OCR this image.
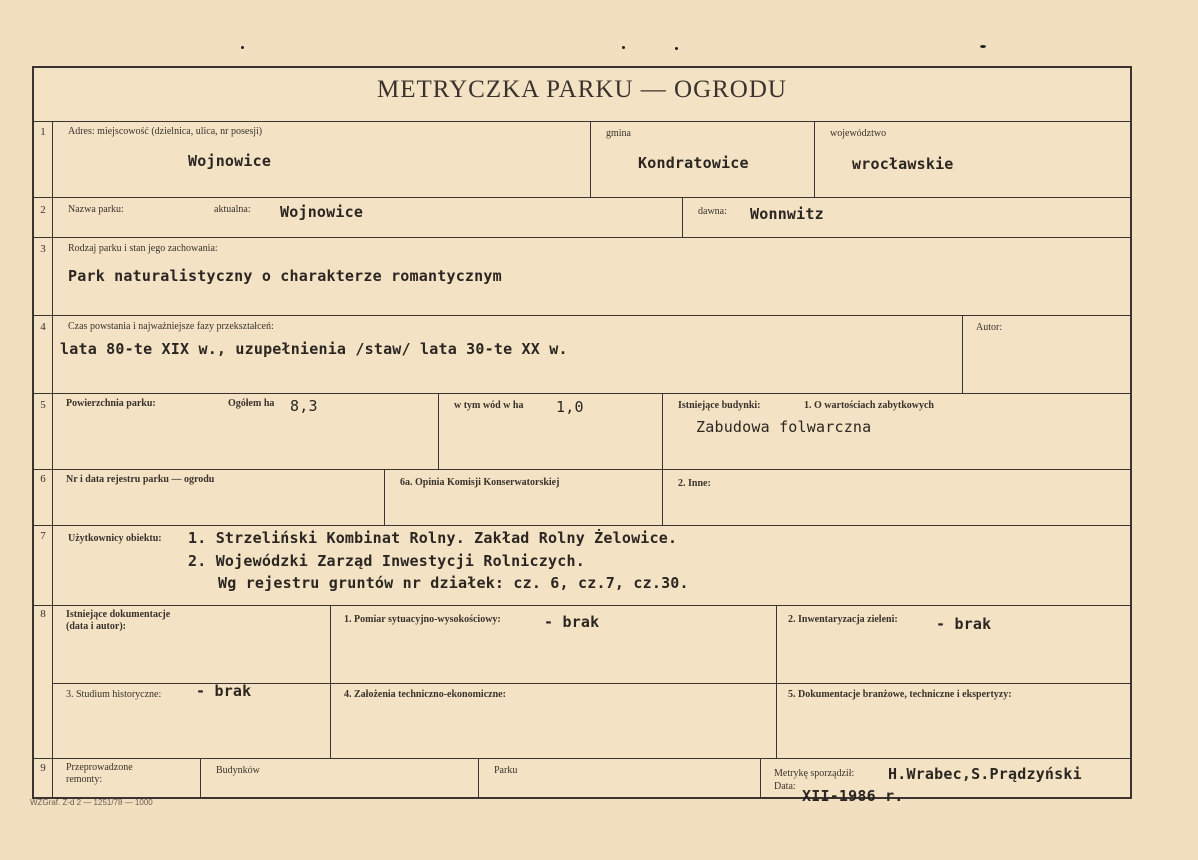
METRYCZKA PARKU — OGRODU
1	Adres: miejscowość (dzielnica, ulica, nr posesji)
Wojnowice
gmina
Kondratowice
województwo
wrocławskie
2	Nazwa parku:	aktualna: Wojnowice	dawna: Wonnwitz
3	Rodzaj parku i stan jego zachowania:
Park naturalistyczny o charakterze romantycznym
4	Czas powstania i najważniejsze fazy przekształceń:
lata 80-te XIX w., uzupełnienia /staw/ lata 30-te XX w.
Autor:
5	Powierzchnia parku:	Ogółem ha 8,3	w tym wód w ha 1,0	Istniejące budynki:	1. O wartościach zabytkowych
Zabudowa folwarczna
6	Nr i data rejestru parku — ogrodu	6a. Opinia Komisji Konserwatorskiej	2. Inne:
7	Użytkownicy obiektu: 1. Strzeliński Kombinat Rolny. Zakład Rolny Żelowice.
2. Wojewódzki Zarząd Inwestycji Rolniczych.
Wg rejestru gruntów nr działek: cz. 6, cz.7, cz.30.
8	Istniejące dokumentacje
(data i autor):
1. Pomiar sytuacyjno-wysokościowy:	- brak	2. Inwentaryzacja zieleni:	- brak
3. Studium historyczne: - brak	4. Założenia techniczno-ekonomiczne:	5. Dokumentacje branżowe, techniczne i ekspertyzy:
9	Przeprowadzone
remonty:
Budynków	Parku	Metrykę sporządził: H.Wrabec,S.Prądzyński
Data:
XII-1986 r.
WZGraf. Z-d 2 — 1251/78 — 1000
